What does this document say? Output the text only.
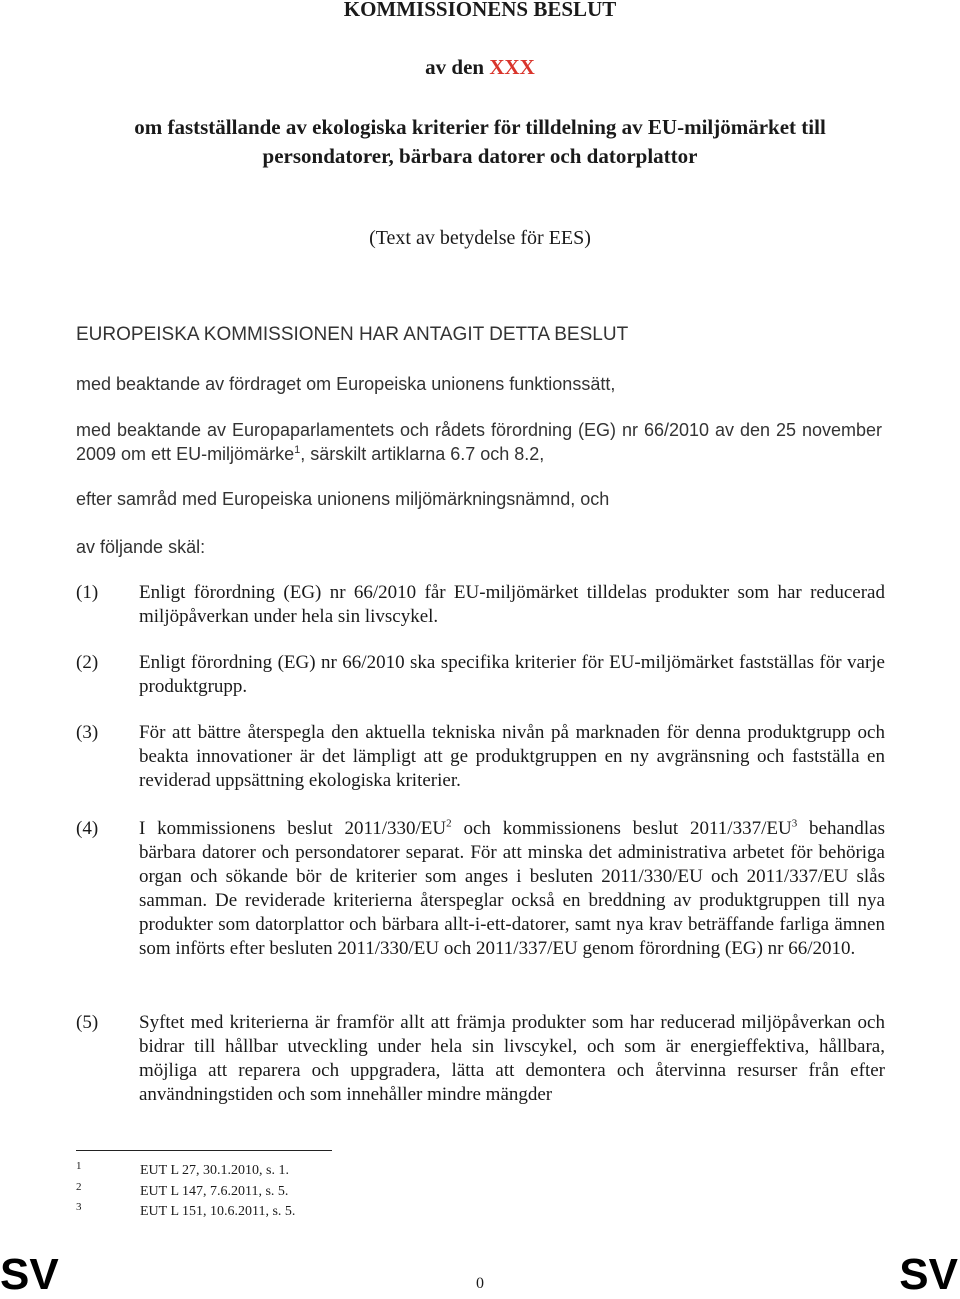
KOMMISSIONENS BESLUT
av den XXX
om fastställande av ekologiska kriterier för tilldelning av EU-miljömärket till
persondatorer, bärbara datorer och datorplattor
(Text av betydelse för EES)
EUROPEISKA KOMMISSIONEN HAR ANTAGIT DETTA BESLUT
med beaktande av fördraget om Europeiska unionens funktionssätt,
med beaktande av Europaparlamentets och rådets förordning (EG) nr 66/2010 av den 25 november 2009 om ett EU-miljömärke$^1$, särskilt artiklarna 6.7 och 8.2,
efter samråd med Europeiska unionens miljömärkningsnämnd, och
av följande skäl:
(1) Enligt förordning (EG) nr 66/2010 får EU-miljömärket tilldelas produkter som har reducerad miljöpåverkan under hela sin livscykel.
(2) Enligt förordning (EG) nr 66/2010 ska specifika kriterier för EU-miljömärket fastställas för varje produktgrupp.
(3) För att bättre återspegla den aktuella tekniska nivån på marknaden för denna produktgrupp och beakta innovationer är det lämpligt att ge produktgruppen en ny avgränsning och fastställa en reviderad uppsättning ekologiska kriterier.
(4) I kommissionens beslut $2011/330/EU^2$ och kommissionens beslut $2011/337/EU^3$ behandlas bärbara datorer och persondatorer separat. För att minska det administrativa arbetet för behöriga organ och sökande bör de kriterier som anges i besluten 2011/330/EU och 2011/337/EU slås samman. De reviderade kriterierna återspeglar också en breddning av produktgruppen till nya produkter som datorplattor och bärbara allt-i-ett-datorer, samt nya krav beträffande farliga ämnen som införts efter besluten 2011/330/EU och 2011/337/EU genom förordning (EG) nr 66/2010.
(5) Syftet med kriterierna är framför allt att främja produkter som har reducerad miljöpåverkan och bidrar till hållbar utveckling under hela sin livscykel, och som är energieffektiva, hållbara, möjliga att reparera och uppgradera, lätta att demontera och återvinna resurser från efter användningstiden och som innehåller mindre mängder
1	EUT L 27, 30.1.2010, s. 1.
2	EUT L 147, 7.6.2011, s. 5.
3	EUT L 151, 10.6.2011, s. 5.
SV	0	SV
